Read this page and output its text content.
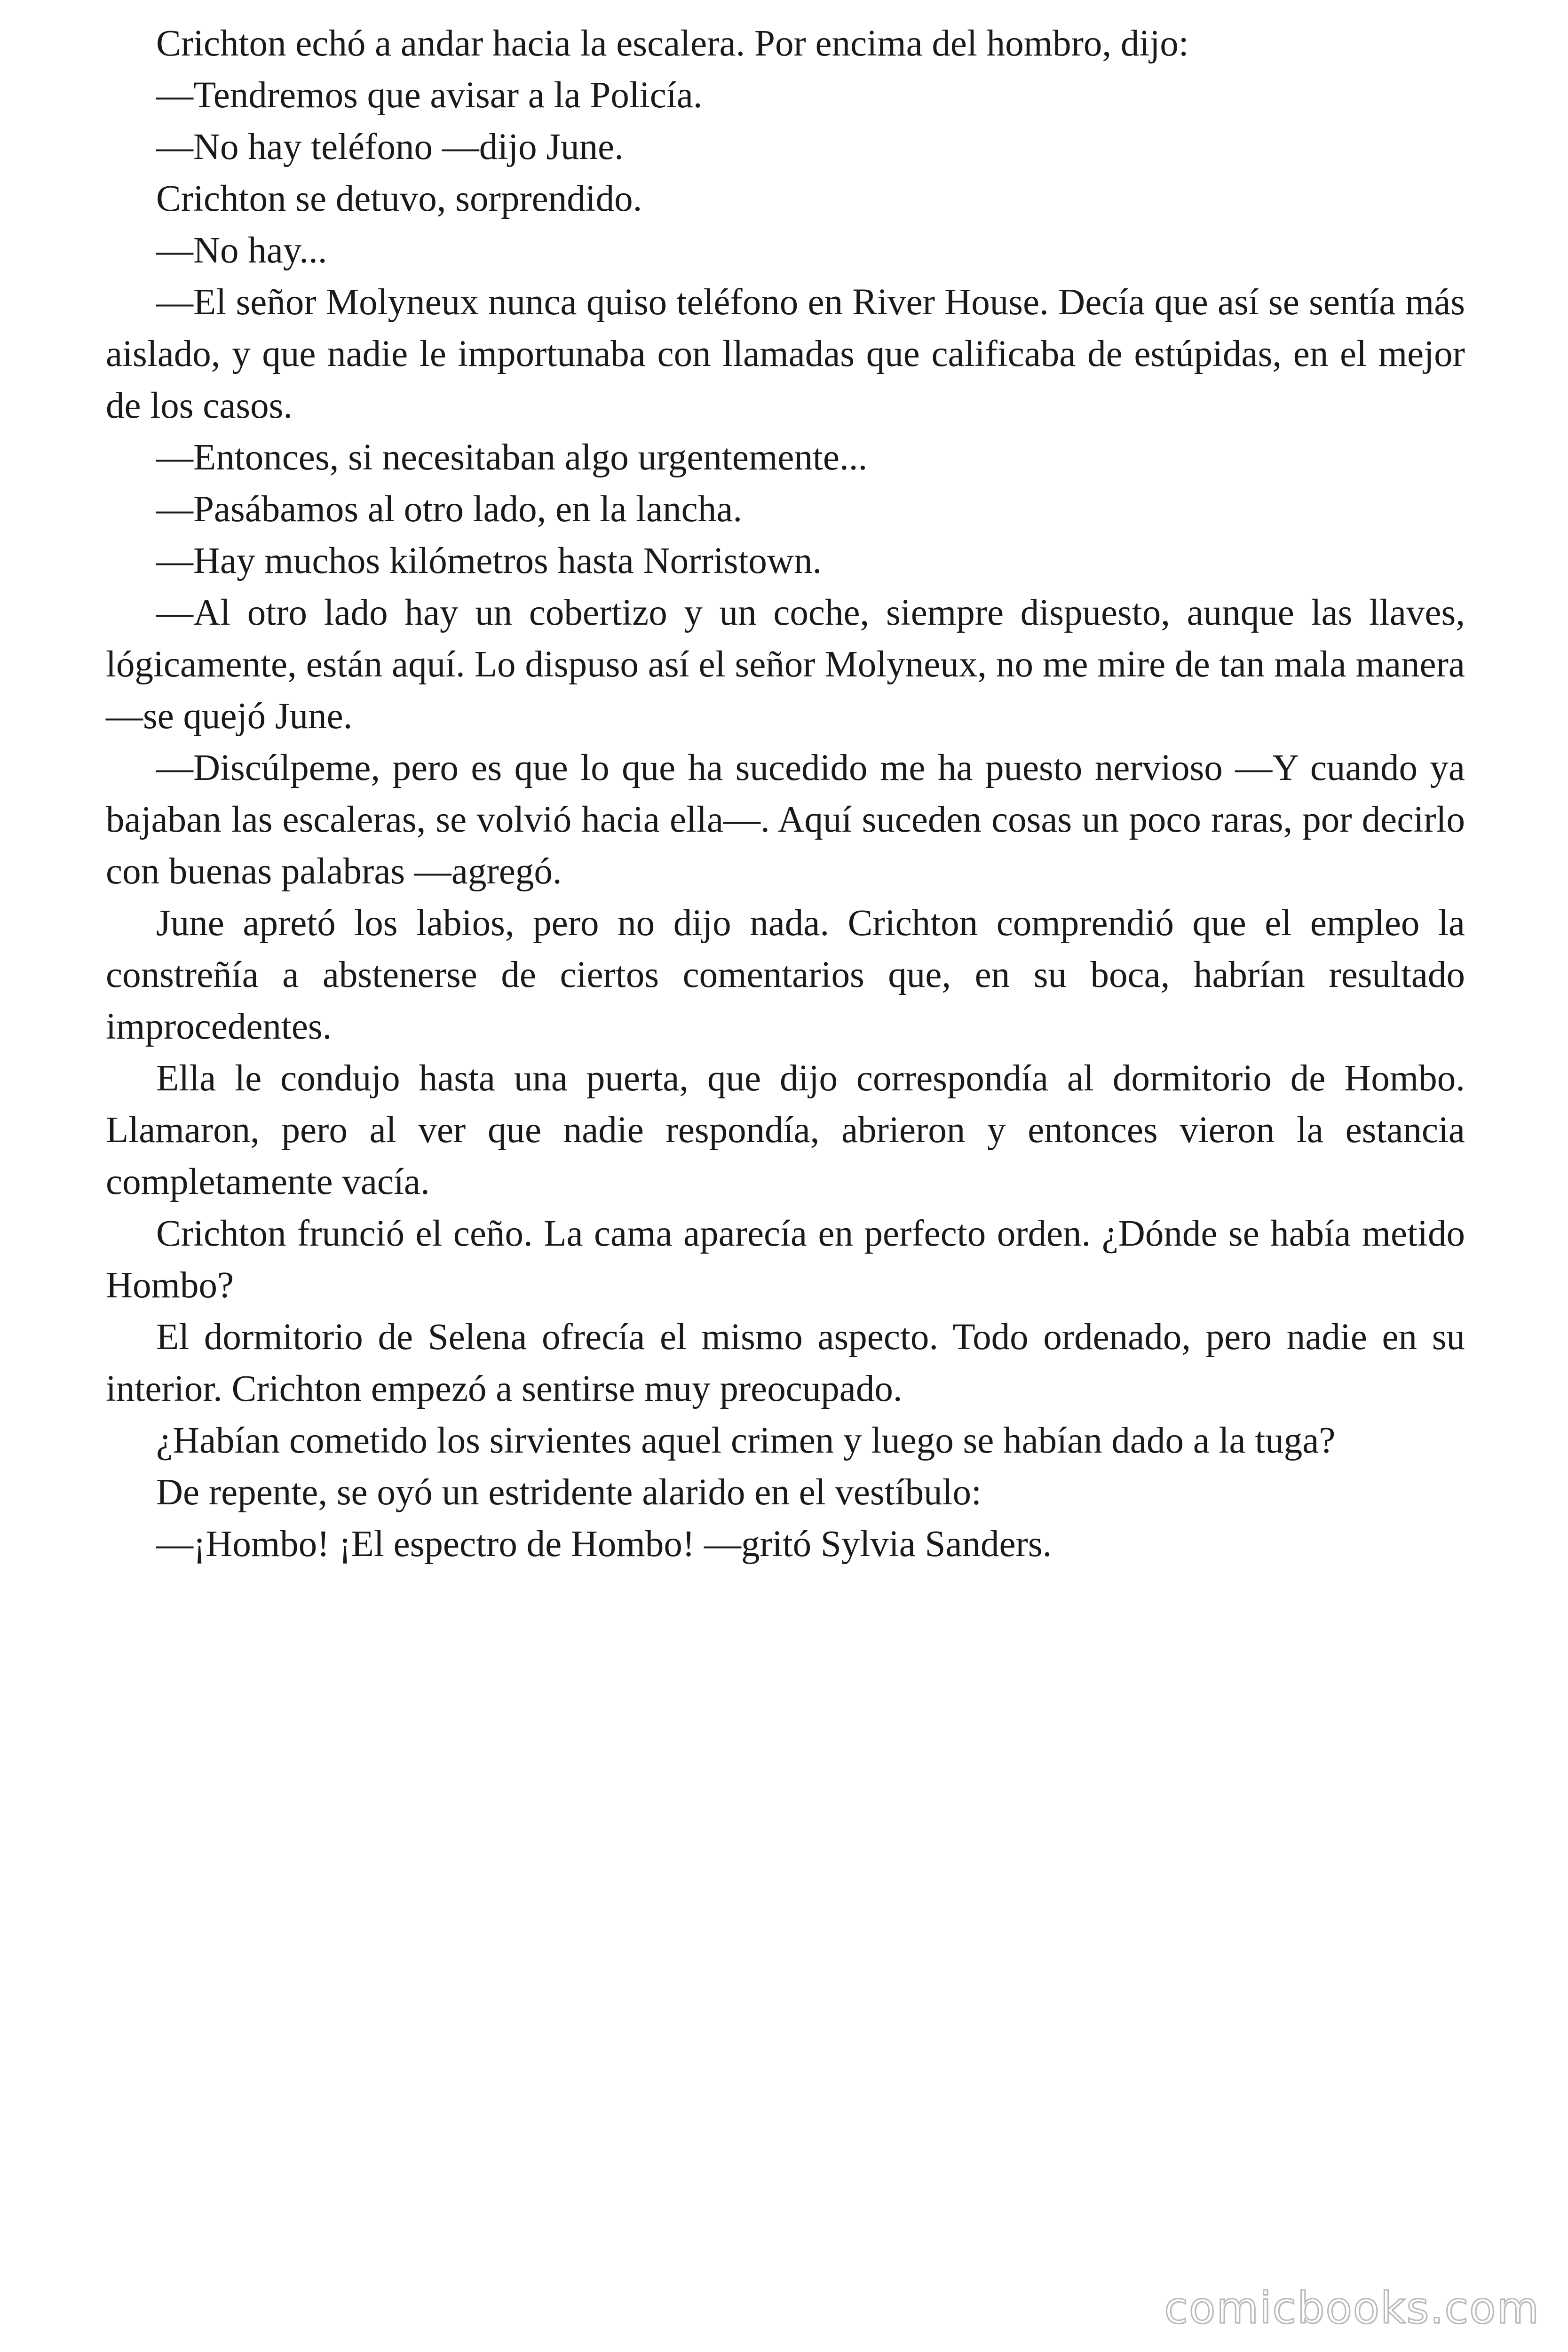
Crichton echó a andar hacia la escalera. Por encima del hombro, dijo:

—Tendremos que avisar a la Policía.

—No hay teléfono —dijo June.

Crichton se detuvo, sorprendido.

—No hay...

—El señor Molyneux nunca quiso teléfono en River House. Decía que así se sentía más aislado, y que nadie le importunaba con llamadas que calificaba de estúpidas, en el mejor de los casos.

—Entonces, si necesitaban algo urgentemente...

—Pasábamos al otro lado, en la lancha.

—Hay muchos kilómetros hasta Norristown.

—Al otro lado hay un cobertizo y un coche, siempre dispuesto, aunque las llaves, lógicamente, están aquí. Lo dispuso así el señor Molyneux, no me mire de tan mala manera —se quejó June.

—Discúlpeme, pero es que lo que ha sucedido me ha puesto nervioso —Y cuando ya bajaban las escaleras, se volvió hacia ella—. Aquí suceden cosas un poco raras, por decirlo con buenas palabras —agregó.

June apretó los labios, pero no dijo nada. Crichton comprendió que el empleo la constreñía a abstenerse de ciertos comentarios que, en su boca, habrían resultado improcedentes.

Ella le condujo hasta una puerta, que dijo correspondía al dormitorio de Hombo. Llamaron, pero al ver que nadie respondía, abrieron y entonces vieron la estancia completamente vacía.

Crichton frunció el ceño. La cama aparecía en perfecto orden. ¿Dónde se había metido Hombo?

El dormitorio de Selena ofrecía el mismo aspecto. Todo ordenado, pero nadie en su interior. Crichton empezó a sentirse muy preocupado.

¿Habían cometido los sirvientes aquel crimen y luego se habían dado a la tuga?

De repente, se oyó un estridente alarido en el vestíbulo:

—¡Hombo! ¡El espectro de Hombo! —gritó Sylvia Sanders.

comicbooks.com
